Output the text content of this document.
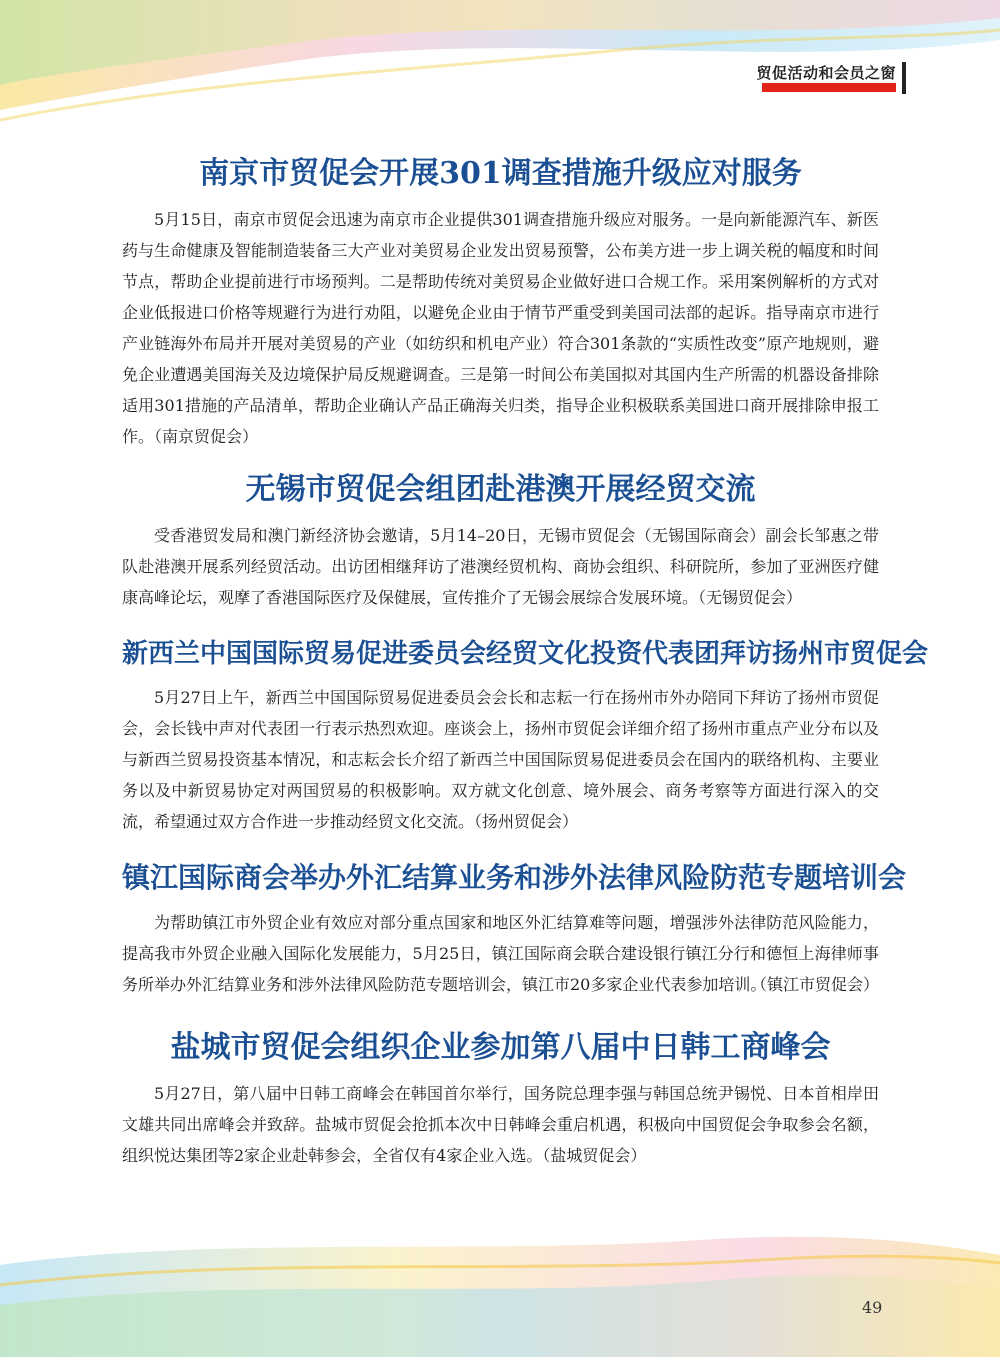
贸促活动和会员之窗
南京市贸促会开展301调查措施升级应对服务

5月15日，南京市贸促会迅速为南京市企业提供301调查措施升级应对服务。一是向新能源汽车、新医药与生命健康及智能制造装备三大产业对美贸易企业发出贸易预警，公布美方进一步上调关税的幅度和时间节点，帮助企业提前进行市场预判。二是帮助传统对美贸易企业做好进口合规工作。采用案例解析的方式对企业低报进口价格等规避行为进行劝阻，以避免企业由于情节严重受到美国司法部的起诉。指导南京市进行产业链海外布局并开展对美贸易的产业（如纺织和机电产业）符合301条款的“实质性改变”原产地规则，避免企业遭遇美国海关及边境保护局反规避调查。三是第一时间公布美国拟对其国内生产所需的机器设备排除适用301措施的产品清单，帮助企业确认产品正确海关归类，指导企业积极联系美国进口商开展排除申报工作。（南京贸促会）

无锡市贸促会组团赴港澳开展经贸交流

受香港贸发局和澳门新经济协会邀请，5月14–20日，无锡市贸促会（无锡国际商会）副会长邹惠之带队赴港澳开展系列经贸活动。出访团相继拜访了港澳经贸机构、商协会组织、科研院所，参加了亚洲医疗健康高峰论坛，观摩了香港国际医疗及保健展，宣传推介了无锡会展综合发展环境。（无锡贸促会）

新西兰中国国际贸易促进委员会经贸文化投资代表团拜访扬州市贸促会

5月27日上午，新西兰中国国际贸易促进委员会会长和志耘一行在扬州市外办陪同下拜访了扬州市贸促会，会长钱中声对代表团一行表示热烈欢迎。座谈会上，扬州市贸促会详细介绍了扬州市重点产业分布以及与新西兰贸易投资基本情况，和志耘会长介绍了新西兰中国国际贸易促进委员会在国内的联络机构、主要业务以及中新贸易协定对两国贸易的积极影响。双方就文化创意、境外展会、商务考察等方面进行深入的交流，希望通过双方合作进一步推动经贸文化交流。（扬州贸促会）

镇江国际商会举办外汇结算业务和涉外法律风险防范专题培训会

为帮助镇江市外贸企业有效应对部分重点国家和地区外汇结算难等问题，增强涉外法律防范风险能力，提高我市外贸企业融入国际化发展能力，5月25日，镇江国际商会联合建设银行镇江分行和德恒上海律师事务所举办外汇结算业务和涉外法律风险防范专题培训会，镇江市20多家企业代表参加培训。

（镇江市贸促会）

盐城市贸促会组织企业参加第八届中日韩工商峰会

5月27日，第八届中日韩工商峰会在韩国首尔举行，国务院总理李强与韩国总统尹锡悦、日本首相岸田文雄共同出席峰会并致辞。盐城市贸促会抢抓本次中日韩峰会重启机遇，积极向中国贸促会争取参会名额，组织悦达集团等2家企业赴韩参会，全省仅有4家企业入选。（盐城贸促会）

49
